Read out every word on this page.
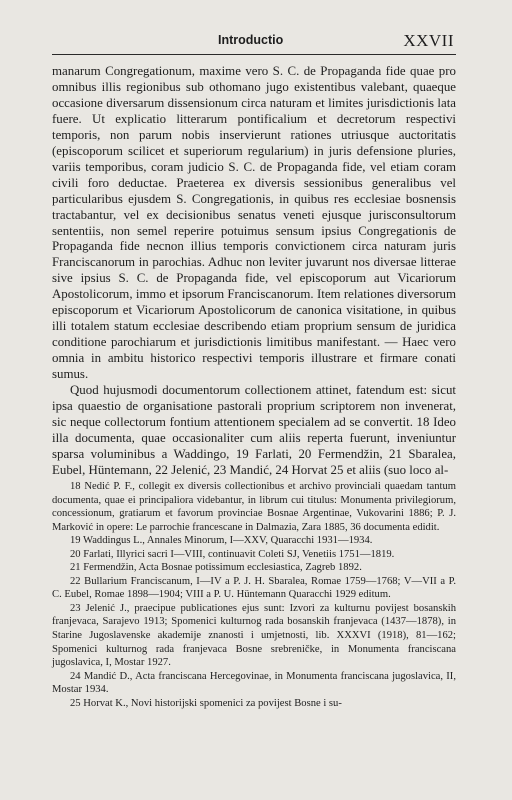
Introductio	XXVII

manarum Congregationum, maxime vero S. C. de Propaganda fide quae pro omnibus illis regionibus sub othomano jugo existentibus valebant, quaeque occasione diversarum dissensionum circa naturam et limites jurisdictionis lata fuere. Ut explicatio litterarum pontificalium et decretorum respectivi temporis, non parum nobis inservierunt rationes utriusque auctoritatis (episcoporum scilicet et superiorum regularium) in juris defensione pluries, variis temporibus, coram judicio S. C. de Propaganda fide, vel etiam coram civili foro deductae. Praeterea ex diversis sessionibus generalibus vel particularibus ejusdem S. Congregationis, in quibus res ecclesiae bosnensis tractabantur, vel ex decisionibus senatus veneti ejusque jurisconsultorum sententiis, non semel reperire potuimus sensum ipsius Congregationis de Propaganda fide necnon illius temporis convictionem circa naturam juris Franciscanorum in parochias. Adhuc non leviter juvarunt nos diversae litterae sive ipsius S. C. de Propaganda fide, vel episcoporum aut Vicariorum Apostolicorum, immo et ipsorum Franciscanorum. Item relationes diversorum episcoporum et Vicariorum Apostolicorum de canonica visitatione, in quibus illi totalem statum ecclesiae describendo etiam proprium sensum de juridica conditione parochiarum et jurisdictionis limitibus manifestant. — Haec vero omnia in ambitu historico respectivi temporis illustrare et firmare conati sumus.

Quod hujusmodi documentorum collectionem attinet, fatendum est: sicut ipsa quaestio de organisatione pastorali proprium scriptorem non invenerat, sic neque collectorum fontium attentionem specialem ad se convertit. 18 Ideo illa documenta, quae occasionaliter cum aliis reperta fuerunt, inveniuntur sparsa voluminibus a Waddingo, 19 Farlati, 20 Fermendžin, 21 Sbaralea, Eubel, Hüntemann, 22 Jelenić, 23 Mandić, 24 Horvat 25 et aliis (suo loco al-

18 Nedić P. F., collegit ex diversis collectionibus et archivo provinciali quaedam tantum documenta, quae ei principaliora videbantur, in librum cui titulus: Monumenta privilegiorum, concessionum, gratiarum et favorum provinciae Bosnae Argentinae, Vukovarini 1886; P. J. Marković in opere: Le parrochie francescane in Dalmazia, Zara 1885, 36 documenta edidit.

19 Waddingus L., Annales Minorum, I—XXV, Quaracchi 1931—1934.

20 Farlati, Illyrici sacri I—VIII, continuavit Coleti SJ, Venetiis 1751—1819.

21 Fermendžin, Acta Bosnae potissimum ecclesiastica, Zagreb 1892.

22 Bullarium Franciscanum, I—IV a P. J. H. Sbaralea, Romae 1759—1768; V—VII a P. C. Eubel, Romae 1898—1904; VIII a P. U. Hüntemann Quaracchi 1929 editum.

23 Jelenić J., praecipue publicationes ejus sunt: Izvori za kulturnu povijest bosanskih franjevaca, Sarajevo 1913; Spomenici kulturnog rada bosanskih franjevaca (1437—1878), in Starine Jugoslavenske akademije znanosti i umjetnosti, lib. XXXVI (1918), 81—162; Spomenici kulturnog rada franjevaca Bosne srebreničke, in Monumenta franciscana jugoslavica, I, Mostar 1927.

24 Mandić D., Acta franciscana Hercegovinae, in Monumenta franciscana jugoslavica, II, Mostar 1934.

25 Horvat K., Novi historijski spomenici za povijest Bosne i su-
